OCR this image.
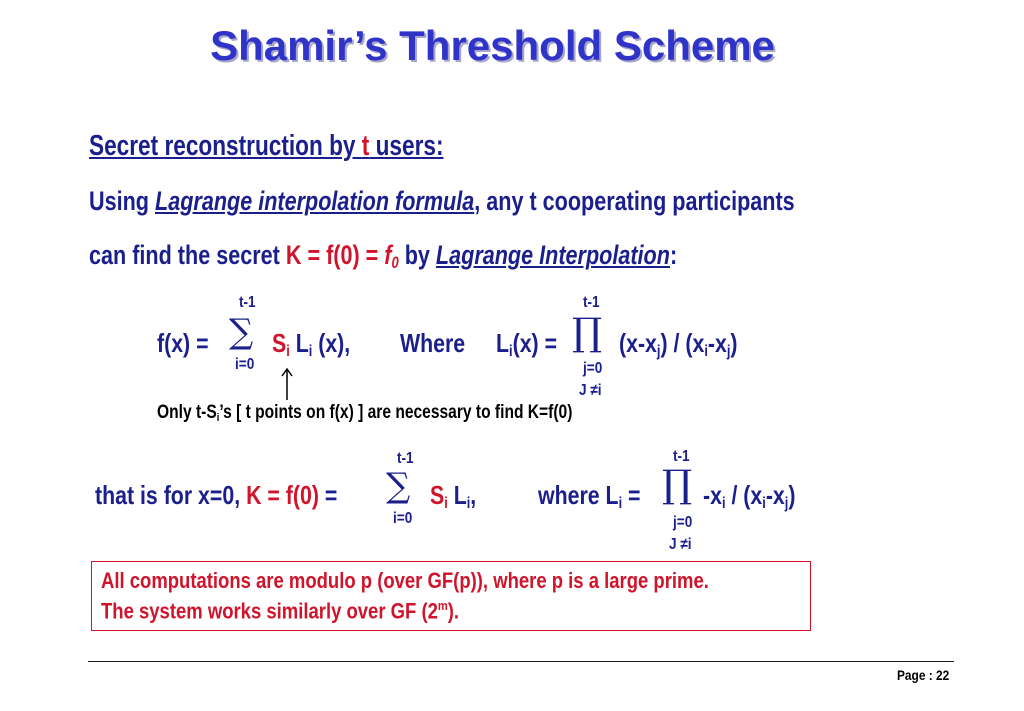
Shamir’s Threshold Scheme
Secret reconstruction by t users:
Using Lagrange interpolation formula, any t cooperating participants
can find the secret $K = f(0) = f_0$ by Lagrange Interpolation:
t-1
∑
i=0
$f(x) = S_i$ $L_i$ (x), Where $L_i(x)$ =
t-1
∏
j=0
J ≠i
$(x-x_j) / (x_i-x_j)$
Only $t-S_i’s$ [ t points on f(x) ] are necessary to find K=f(0)
t-1
∑
i=0
that is for x=0, K = f(0) =	$S_i$ $L_i$, where $L_i$ =
t-1
∏
j=0
J ≠i
$-x_i / (x_i-x_j)$
All computations are modulo p (over GF(p)), where p is a large prime.
The system works similarly over GF (2$^m$).
Page : 22
